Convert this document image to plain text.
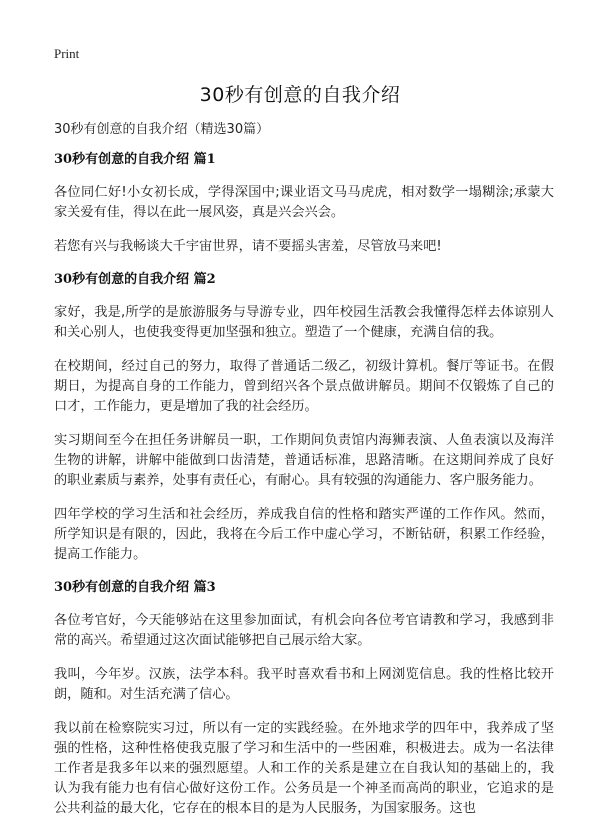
Print
30秒有创意的自我介绍

30秒有创意的自我介绍（精选30篇）

30秒有创意的自我介绍 篇1

各位同仁好!小女初长成，学得深国中;课业语文马马虎虎，相对数学一塌糊涂;承蒙大家关爱有佳，得以在此一展风姿，真是兴会兴会。

若您有兴与我畅谈大千宇宙世界，请不要摇头害羞，尽管放马来吧!

30秒有创意的自我介绍 篇2

家好，我是,所学的是旅游服务与导游专业，四年校园生活教会我懂得怎样去体谅别人和关心别人，也使我变得更加坚强和独立。塑造了一个健康，充满自信的我。

在校期间，经过自己的努力，取得了普通话二级乙，初级计算机。餐厅等证书。在假期日，为提高自身的工作能力，曾到绍兴各个景点做讲解员。期间不仅锻炼了自己的口才，工作能力，更是增加了我的社会经历。

实习期间至今在担任务讲解员一职，工作期间负责馆内海狮表演、人鱼表演以及海洋生物的讲解，讲解中能做到口齿清楚，普通话标准，思路清晰。在这期间养成了良好的职业素质与素养，处事有责任心，有耐心。具有较强的沟通能力、客户服务能力。

四年学校的学习生活和社会经历，养成我自信的性格和踏实严谨的工作作风。然而，所学知识是有限的，因此，我将在今后工作中虚心学习，不断钻研，积累工作经验，提高工作能力。

30秒有创意的自我介绍 篇3

各位考官好，今天能够站在这里参加面试，有机会向各位考官请教和学习，我感到非常的高兴。希望通过这次面试能够把自己展示给大家。

我叫，今年岁。汉族，法学本科。我平时喜欢看书和上网浏览信息。我的性格比较开朗，随和。对生活充满了信心。

我以前在检察院实习过，所以有一定的实践经验。在外地求学的四年中，我养成了坚强的性格，这种性格使我克服了学习和生活中的一些困难，积极进去。成为一名法律工作者是我多年以来的强烈愿望。人和工作的关系是建立在自我认知的基础上的，我认为我有能力也有信心做好这份工作。公务员是一个神圣而高尚的职业，它追求的是公共利益的最大化，它存在的根本目的是为人民服务，为国家服务。这也
